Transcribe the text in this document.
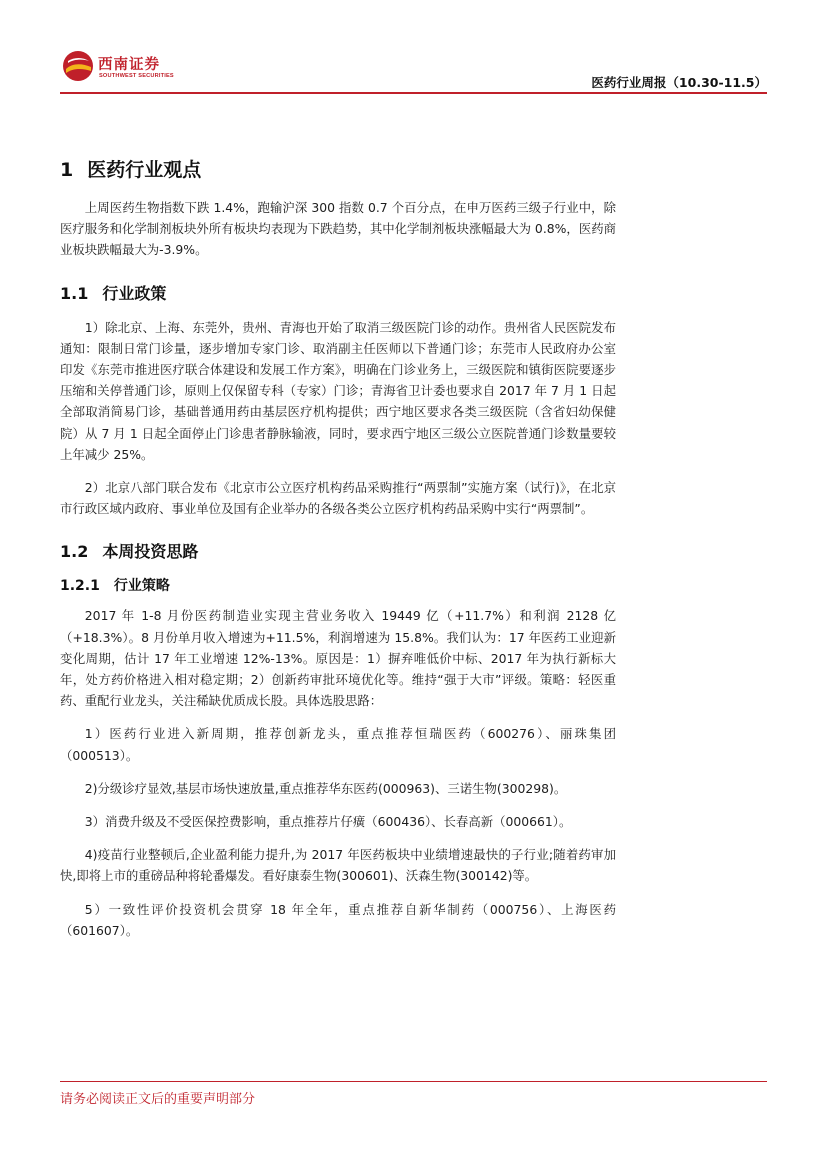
西南证券
SOUTHWEST SECURITIES	医药行业周报（10.30-11.5）
1 医药行业观点

上周医药生物指数下跌 1.4%，跑输沪深 300 指数 0.7 个百分点，在申万医药三级子行业中，除医疗服务和化学制剂板块外所有板块均表现为下跌趋势，其中化学制剂板块涨幅最大为 0.8%，医药商业板块跌幅最大为-3.9%。

1.1 行业政策

1）除北京、上海、东莞外，贵州、青海也开始了取消三级医院门诊的动作。贵州省人民医院发布通知：限制日常门诊量，逐步增加专家门诊、取消副主任医师以下普通门诊；东莞市人民政府办公室印发《东莞市推进医疗联合体建设和发展工作方案》，明确在门诊业务上，三级医院和镇街医院要逐步压缩和关停普通门诊，原则上仅保留专科（专家）门诊；青海省卫计委也要求自 2017 年 7 月 1 日起全部取消简易门诊，基础普通用药由基层医疗机构提供；西宁地区要求各类三级医院（含省妇幼保健院）从 7 月 1 日起全面停止门诊患者静脉输液，同时，要求西宁地区三级公立医院普通门诊数量要较上年减少 25%。

2）北京八部门联合发布《北京市公立医疗机构药品采购推行“两票制”实施方案（试行)》，在北京市行政区域内政府、事业单位及国有企业举办的各级各类公立医疗机构药品采购中实行“两票制”。

1.2 本周投资思路
1.2.1 行业策略

2017 年 1-8 月份医药制造业实现主营业务收入 19449 亿（+11.7%）和利润 2128 亿（+18.3%）。8 月份单月收入增速为+11.5%，利润增速为 15.8%。我们认为：17 年医药工业迎新变化周期，估计 17 年工业增速 12%-13%。原因是：1）摒弃唯低价中标、2017 年为执行新标大年，处方药价格进入相对稳定期；2）创新药审批环境优化等。维持“强于大市”评级。策略：轻医重药、重配行业龙头，关注稀缺优质成长股。具体选股思路：

1）医药行业进入新周期，推荐创新龙头，重点推荐恒瑞医药（600276）、丽珠集团（000513）。

2)分级诊疗显效,基层市场快速放量,重点推荐华东医药(000963)、三诺生物(300298)。

3）消费升级及不受医保控费影响，重点推荐片仔癀（600436）、长春高新（000661）。

4)疫苗行业整顿后,企业盈利能力提升,为 2017 年医药板块中业绩增速最快的子行业;随着药审加快,即将上市的重磅品种将轮番爆发。看好康泰生物(300601)、沃森生物(300142)等。

5）一致性评价投资机会贯穿 18 年全年，重点推荐自新华制药（000756）、上海医药（601607）。

请务必阅读正文后的重要声明部分
